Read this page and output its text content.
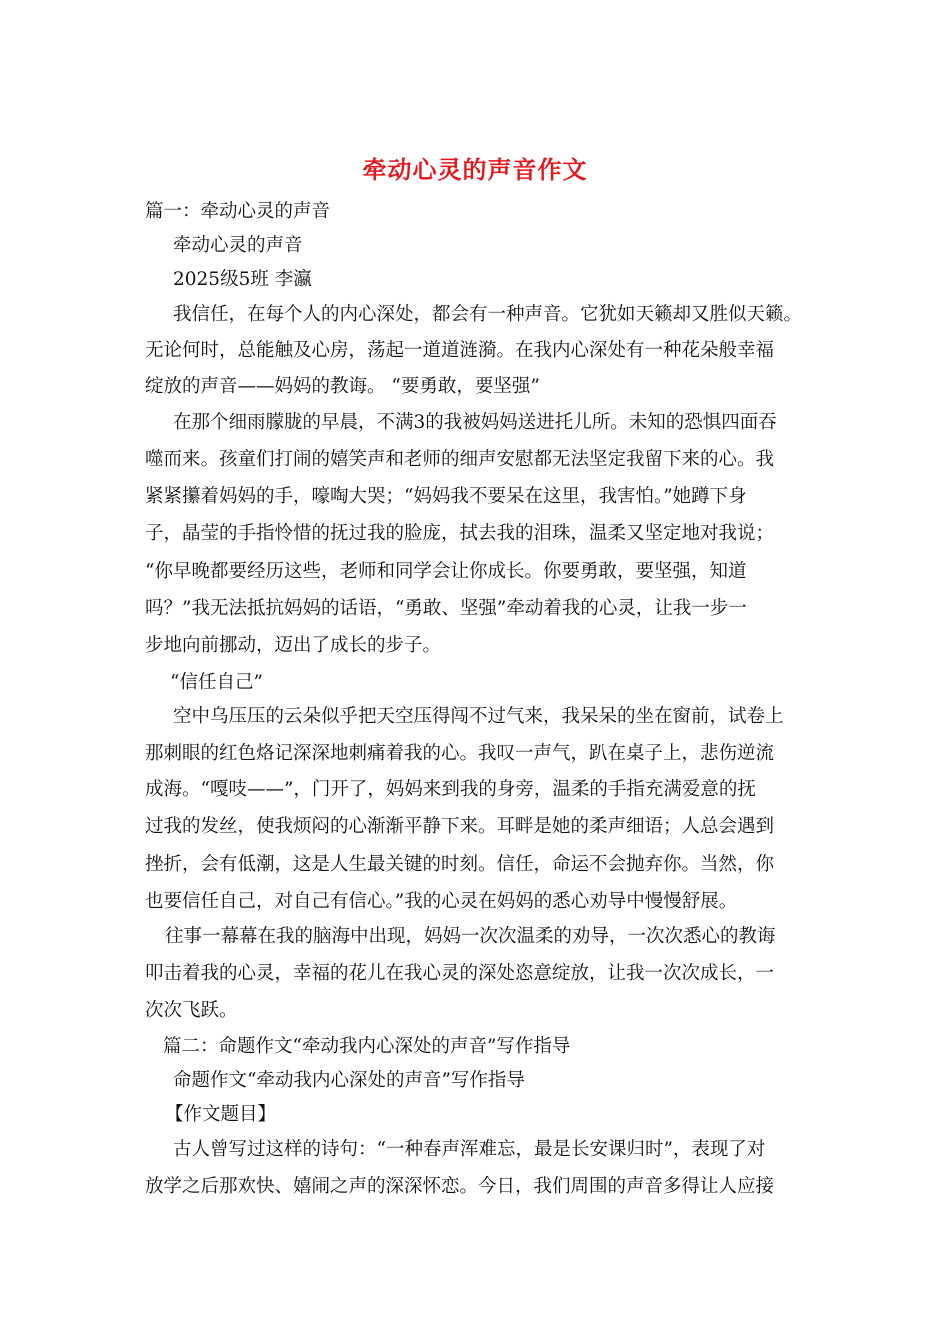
牵动心灵的声音作文

篇一：牵动心灵的声音

牵动心灵的声音

2025级5班 李瀛

我信任，在每个人的内心深处，都会有一种声音。它犹如天籁却又胜似天籁。

无论何时，总能触及心房，荡起一道道涟漪。在我内心深处有一种花朵般幸福

绽放的声音——妈妈的教诲。 “要勇敢，要坚强”

在那个细雨朦胧的早晨，不满3的我被妈妈送进托儿所。未知的恐惧四面吞

噬而来。孩童们打闹的嬉笑声和老师的细声安慰都无法坚定我留下来的心。我

紧紧攥着妈妈的手，嚎啕大哭；“妈妈我不要呆在这里，我害怕。”她蹲下身

子，晶莹的手指怜惜的抚过我的脸庞，拭去我的泪珠，温柔又坚定地对我说；

“你早晚都要经历这些，老师和同学会让你成长。你要勇敢，要坚强，知道

吗？”我无法抵抗妈妈的话语，“勇敢、坚强”牵动着我的心灵，让我一步一

步地向前挪动，迈出了成长的步子。

“信任自己”

空中乌压压的云朵似乎把天空压得闯不过气来，我呆呆的坐在窗前，试卷上

那刺眼的红色烙记深深地刺痛着我的心。我叹一声气，趴在桌子上，悲伤逆流

成海。“嘎吱——”，门开了，妈妈来到我的身旁，温柔的手指充满爱意的抚

过我的发丝，使我烦闷的心渐渐平静下来。耳畔是她的柔声细语；人总会遇到

挫折，会有低潮，这是人生最关键的时刻。信任，命运不会抛弃你。当然，你

也要信任自己，对自己有信心。”我的心灵在妈妈的悉心劝导中慢慢舒展。

往事一幕幕在我的脑海中出现，妈妈一次次温柔的劝导，一次次悉心的教诲

叩击着我的心灵，幸福的花儿在我心灵的深处恣意绽放，让我一次次成长，一

次次飞跃。

篇二：命题作文“牵动我内心深处的声音”写作指导

命题作文“牵动我内心深处的声音”写作指导

【作文题目】

古人曾写过这样的诗句：“一种春声浑难忘，最是长安课归时”，表现了对

放学之后那欢快、嬉闹之声的深深怀恋。今日，我们周围的声音多得让人应接
